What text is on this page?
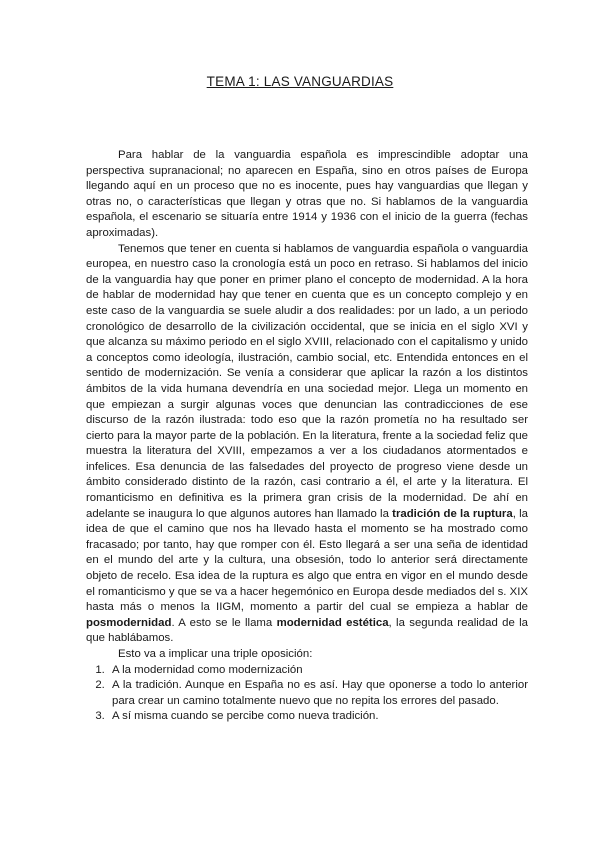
TEMA 1: LAS VANGUARDIAS

Para hablar de la vanguardia española es imprescindible adoptar una perspectiva supranacional; no aparecen en España, sino en otros países de Europa llegando aquí en un proceso que no es inocente, pues hay vanguardias que llegan y otras no, o características que llegan y otras que no. Si hablamos de la vanguardia española, el escenario se situaría entre 1914 y 1936 con el inicio de la guerra (fechas aproximadas).

Tenemos que tener en cuenta si hablamos de vanguardia española o vanguardia europea, en nuestro caso la cronología está un poco en retraso. Si hablamos del inicio de la vanguardia hay que poner en primer plano el concepto de modernidad. A la hora de hablar de modernidad hay que tener en cuenta que es un concepto complejo y en este caso de la vanguardia se suele aludir a dos realidades: por un lado, a un periodo cronológico de desarrollo de la civilización occidental, que se inicia en el siglo XVI y que alcanza su máximo periodo en el siglo XVIII, relacionado con el capitalismo y unido a conceptos como ideología, ilustración, cambio social, etc. Entendida entonces en el sentido de modernización. Se venía a considerar que aplicar la razón a los distintos ámbitos de la vida humana devendría en una sociedad mejor. Llega un momento en que empiezan a surgir algunas voces que denuncian las contradicciones de ese discurso de la razón ilustrada: todo eso que la razón prometía no ha resultado ser cierto para la mayor parte de la población. En la literatura, frente a la sociedad feliz que muestra la literatura del XVIII, empezamos a ver a los ciudadanos atormentados e infelices. Esa denuncia de las falsedades del proyecto de progreso viene desde un ámbito considerado distinto de la razón, casi contrario a él, el arte y la literatura. El romanticismo en definitiva es la primera gran crisis de la modernidad. De ahí en adelante se inaugura lo que algunos autores han llamado la tradición de la ruptura, la idea de que el camino que nos ha llevado hasta el momento se ha mostrado como fracasado; por tanto, hay que romper con él. Esto llegará a ser una seña de identidad en el mundo del arte y la cultura, una obsesión, todo lo anterior será directamente objeto de recelo. Esa idea de la ruptura es algo que entra en vigor en el mundo desde el romanticismo y que se va a hacer hegemónico en Europa desde mediados del s. XIX hasta más o menos la IIGM, momento a partir del cual se empieza a hablar de posmodernidad. A esto se le llama modernidad estética, la segunda realidad de la que hablábamos.

Esto va a implicar una triple oposición:
1. A la modernidad como modernización
2. A la tradición. Aunque en España no es así. Hay que oponerse a todo lo anterior para crear un camino totalmente nuevo que no repita los errores del pasado.
3. A sí misma cuando se percibe como nueva tradición.
